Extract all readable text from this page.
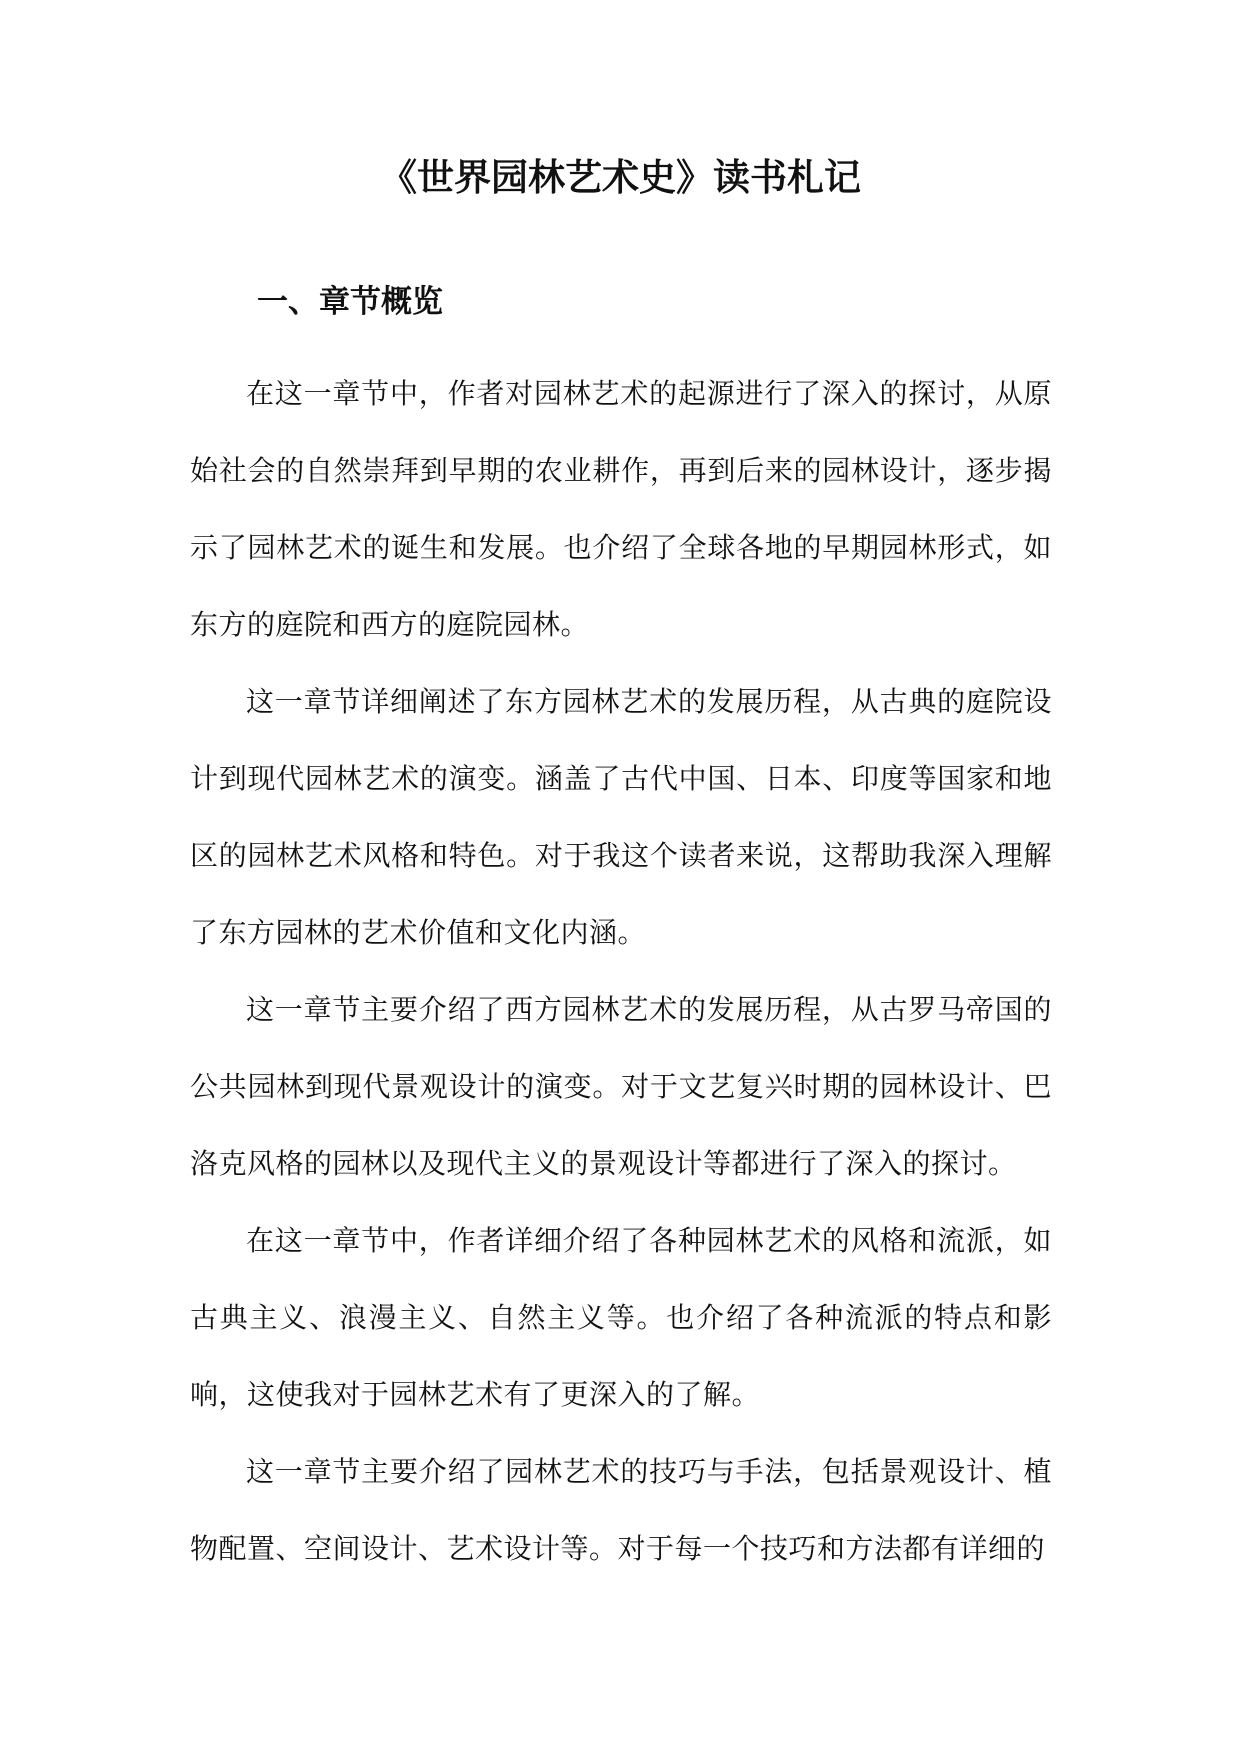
《世界园林艺术史》读书札记
一、章节概览

在这一章节中，作者对园林艺术的起源进行了深入的探讨，从原始社会的自然崇拜到早期的农业耕作，再到后来的园林设计，逐步揭示了园林艺术的诞生和发展。也介绍了全球各地的早期园林形式，如东方的庭院和西方的庭院园林。

这一章节详细阐述了东方园林艺术的发展历程，从古典的庭院设计到现代园林艺术的演变。涵盖了古代中国、日本、印度等国家和地区的园林艺术风格和特色。对于我这个读者来说，这帮助我深入理解了东方园林的艺术价值和文化内涵。

这一章节主要介绍了西方园林艺术的发展历程，从古罗马帝国的公共园林到现代景观设计的演变。对于文艺复兴时期的园林设计、巴洛克风格的园林以及现代主义的景观设计等都进行了深入的探讨。

在这一章节中，作者详细介绍了各种园林艺术的风格和流派，如古典主义、浪漫主义、自然主义等。也介绍了各种流派的特点和影响，这使我对于园林艺术有了更深入的了解。

这一章节主要介绍了园林艺术的技巧与手法，包括景观设计、植物配置、空间设计、艺术设计等。对于每一个技巧和方法都有详细的
